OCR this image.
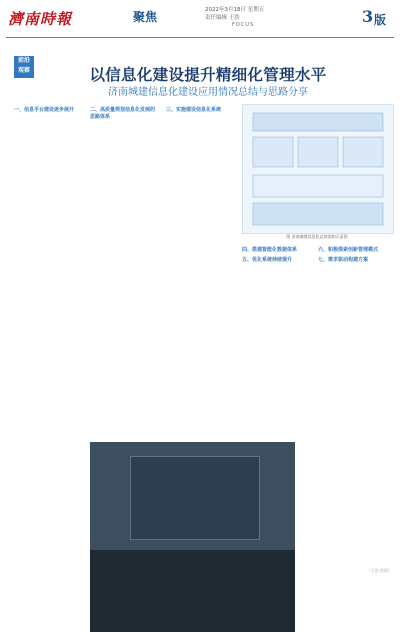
濟南時報	聚焦	2022年3月18日 星期五
责任编辑 王浩
FOCUS	3 版
前沿
观察	以信息化建设提升精细化管理水平
济南城建信息化建设应用情况总结与思路分享

一、信息平台建设逐步展开	二、高质量规划信息化发展的思路体系

三、实施建设信息化系统

图 济南城建信息化总体架构示意图
四、搭建智能化数据体系

五、优化系统持续提升

六、积极探索创新管理模式

七、需求驱动构建方案

（王浩 供图）
